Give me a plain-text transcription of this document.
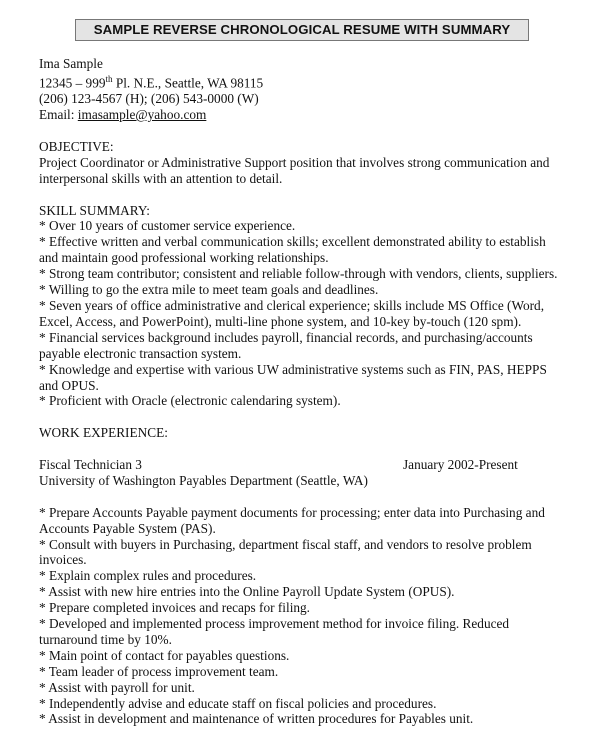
SAMPLE REVERSE CHRONOLOGICAL RESUME WITH SUMMARY
Ima Sample
12345 – 999th Pl. N.E., Seattle, WA 98115
(206) 123-4567 (H); (206) 543-0000 (W)
Email: imasample@yahoo.com
OBJECTIVE:
Project Coordinator or Administrative Support position that involves strong communication and
interpersonal skills with an attention to detail.
SKILL SUMMARY:
* Over 10 years of customer service experience.
* Effective written and verbal communication skills; excellent demonstrated ability to establish
and maintain good professional working relationships.
* Strong team contributor; consistent and reliable follow-through with vendors, clients, suppliers.
* Willing to go the extra mile to meet team goals and deadlines.
* Seven years of office administrative and clerical experience; skills include MS Office (Word,
Excel, Access, and PowerPoint), multi-line phone system, and 10-key by-touch (120 spm).
* Financial services background includes payroll, financial records, and purchasing/accounts
payable electronic transaction system.
* Knowledge and expertise with various UW administrative systems such as FIN, PAS, HEPPS
and OPUS.
* Proficient with Oracle (electronic calendaring system).
WORK EXPERIENCE:
Fiscal Technician 3	January 2002-Present
University of Washington Payables Department (Seattle, WA)
* Prepare Accounts Payable payment documents for processing; enter data into Purchasing and
Accounts Payable System (PAS).
* Consult with buyers in Purchasing, department fiscal staff, and vendors to resolve problem
invoices.
* Explain complex rules and procedures.
* Assist with new hire entries into the Online Payroll Update System (OPUS).
* Prepare completed invoices and recaps for filing.
* Developed and implemented process improvement method for invoice filing. Reduced
turnaround time by 10%.
* Main point of contact for payables questions.
* Team leader of process improvement team.
* Assist with payroll for unit.
* Independently advise and educate staff on fiscal policies and procedures.
* Assist in development and maintenance of written procedures for Payables unit.
